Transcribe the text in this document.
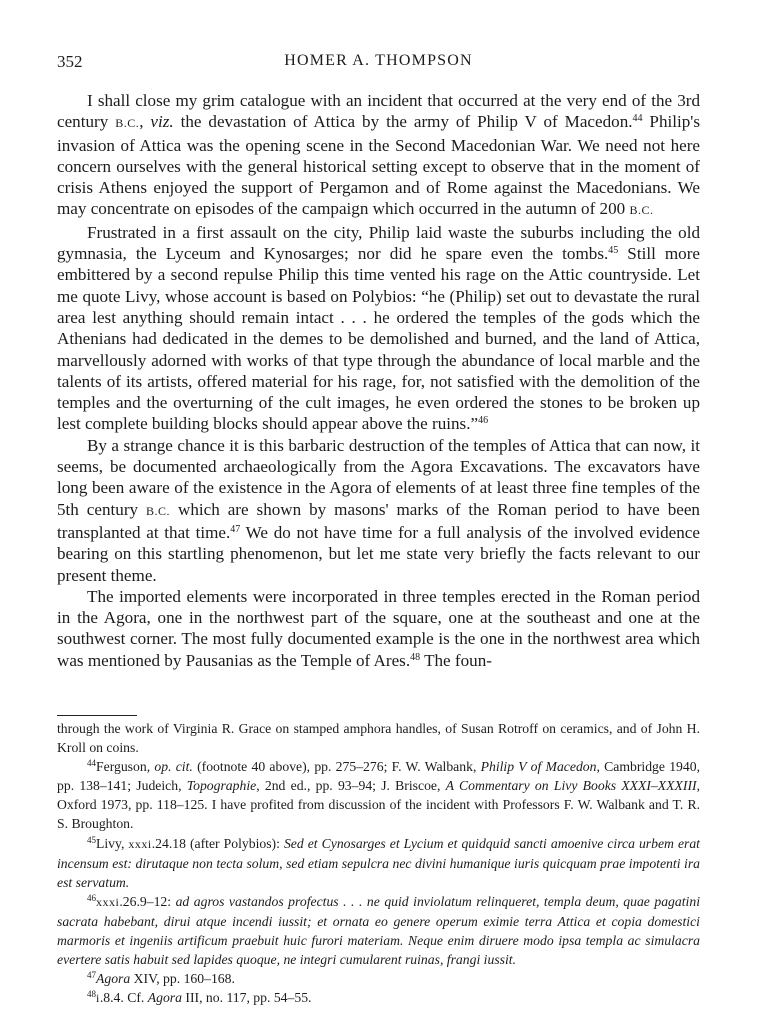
352	HOMER A. THOMPSON

I shall close my grim catalogue with an incident that occurred at the very end of the 3rd century B.C., viz. the devastation of Attica by the army of Philip V of Macedon.$^{44}$ Philip's invasion of Attica was the opening scene in the Second Macedonian War. We need not here concern ourselves with the general historical setting except to observe that in the moment of crisis Athens enjoyed the support of Pergamon and of Rome against the Macedonians. We may concentrate on episodes of the campaign which occurred in the autumn of 200 B.C.

Frustrated in a first assault on the city, Philip laid waste the suburbs including the old gymnasia, the Lyceum and Kynosarges; nor did he spare even the tombs.$^{45}$ Still more embittered by a second repulse Philip this time vented his rage on the Attic countryside. Let me quote Livy, whose account is based on Polybios: “he (Philip) set out to devastate the rural area lest anything should remain intact . . . he ordered the temples of the gods which the Athenians had dedicated in the demes to be demolished and burned, and the land of Attica, marvellously adorned with works of that type through the abundance of local marble and the talents of its artists, offered material for his rage, for, not satisfied with the demolition of the temples and the overturning of the cult images, he even ordered the stones to be broken up lest complete building blocks should appear above the ruins.”$^{46}$

By a strange chance it is this barbaric destruction of the temples of Attica that can now, it seems, be documented archaeologically from the Agora Excavations. The excavators have long been aware of the existence in the Agora of elements of at least three fine temples of the 5th century B.C. which are shown by masons' marks of the Roman period to have been transplanted at that time.$^{47}$ We do not have time for a full analysis of the involved evidence bearing on this startling phenomenon, but let me state very briefly the facts relevant to our present theme.

The imported elements were incorporated in three temples erected in the Roman period in the Agora, one in the northwest part of the square, one at the southeast and one at the southwest corner. The most fully documented example is the one in the northwest area which was mentioned by Pausanias as the Temple of Ares.$^{48}$ The foun-

through the work of Virginia R. Grace on stamped amphora handles, of Susan Rotroff on ceramics, and of John H. Kroll on coins.

$^{44}$Ferguson, op. cit. (footnote 40 above), pp. 275–276; F. W. Walbank, Philip V of Macedon, Cambridge 1940, pp. 138–141; Judeich, Topographie, 2nd ed., pp. 93–94; J. Briscoe, A Commentary on Livy Books XXXI–XXXIII, Oxford 1973, pp. 118–125. I have profited from discussion of the incident with Professors F. W. Walbank and T. R. S. Broughton.

$^{45}$Livy, xxxi.24.18 (after Polybios): Sed et Cynosarges et Lycium et quidquid sancti amoenive circa urbem erat incensum est: dirutaque non tecta solum, sed etiam sepulcra nec divini humanique iuris quicquam prae impotenti ira est servatum.

$^{46}$xxxi.26.9–12: ad agros vastandos profectus . . . ne quid inviolatum relinqueret, templa deum, quae pagatini sacrata habebant, dirui atque incendi iussit; et ornata eo genere operum eximie terra Attica et copia domestici marmoris et ingeniis artificum praebuit huic furori materiam. Neque enim diruere modo ipsa templa ac simulacra evertere satis habuit sed lapides quoque, ne integri cumularent ruinas, frangi iussit.

$^{47}$Agora XIV, pp. 160–168.

$^{48}$i.8.4. Cf. Agora III, no. 117, pp. 54–55.
